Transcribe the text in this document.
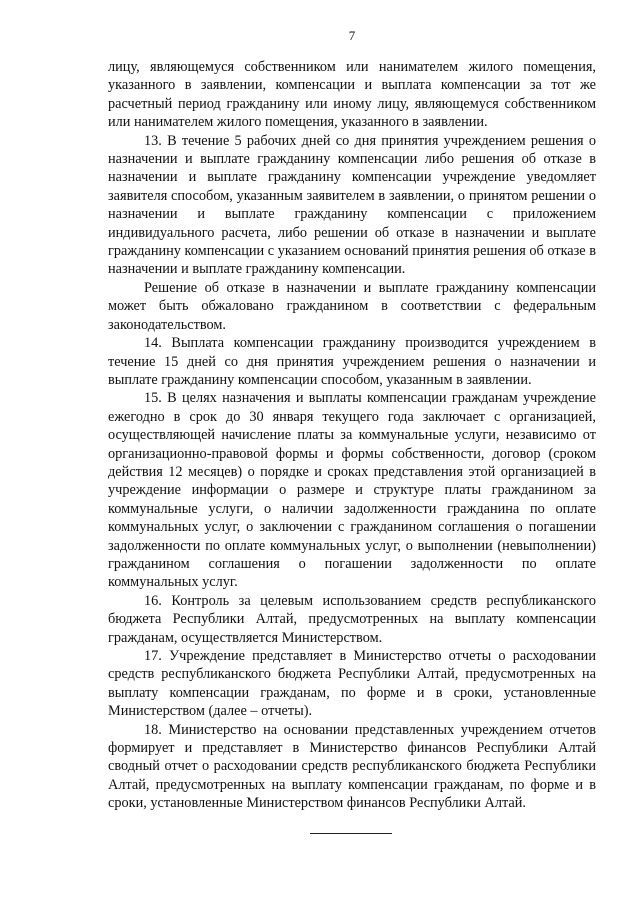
7

лицу, являющемуся собственником или нанимателем жилого помещения, указанного в заявлении, компенсации и выплата компенсации за тот же расчетный период гражданину или иному лицу, являющемуся собственником или нанимателем жилого помещения, указанного в заявлении.

13. В течение 5 рабочих дней со дня принятия учреждением решения о назначении и выплате гражданину компенсации либо решения об отказе в назначении и выплате гражданину компенсации учреждение уведомляет заявителя способом, указанным заявителем в заявлении, о принятом решении о назначении и выплате гражданину компенсации с приложением индивидуального расчета, либо решении об отказе в назначении и выплате гражданину компенсации с указанием оснований принятия решения об отказе в назначении и выплате гражданину компенсации.

Решение об отказе в назначении и выплате гражданину компенсации может быть обжаловано гражданином в соответствии с федеральным законодательством.

14. Выплата компенсации гражданину производится учреждением в течение 15 дней со дня принятия учреждением решения о назначении и выплате гражданину компенсации способом, указанным в заявлении.

15. В целях назначения и выплаты компенсации гражданам учреждение ежегодно в срок до 30 января текущего года заключает с организацией, осуществляющей начисление платы за коммунальные услуги, независимо от организационно-правовой формы и формы собственности, договор (сроком действия 12 месяцев) о порядке и сроках представления этой организацией в учреждение информации о размере и структуре платы гражданином за коммунальные услуги, о наличии задолженности гражданина по оплате коммунальных услуг, о заключении с гражданином соглашения о погашении задолженности по оплате коммунальных услуг, о выполнении (невыполнении) гражданином соглашения о погашении задолженности по оплате коммунальных услуг.

16. Контроль за целевым использованием средств республиканского бюджета Республики Алтай, предусмотренных на выплату компенсации гражданам, осуществляется Министерством.

17. Учреждение представляет в Министерство отчеты о расходовании средств республиканского бюджета Республики Алтай, предусмотренных на выплату компенсации гражданам, по форме и в сроки, установленные Министерством (далее – отчеты).

18. Министерство на основании представленных учреждением отчетов формирует и представляет в Министерство финансов Республики Алтай сводный отчет о расходовании средств республиканского бюджета Республики Алтай, предусмотренных на выплату компенсации гражданам, по форме и в сроки, установленные Министерством финансов Республики Алтай.
